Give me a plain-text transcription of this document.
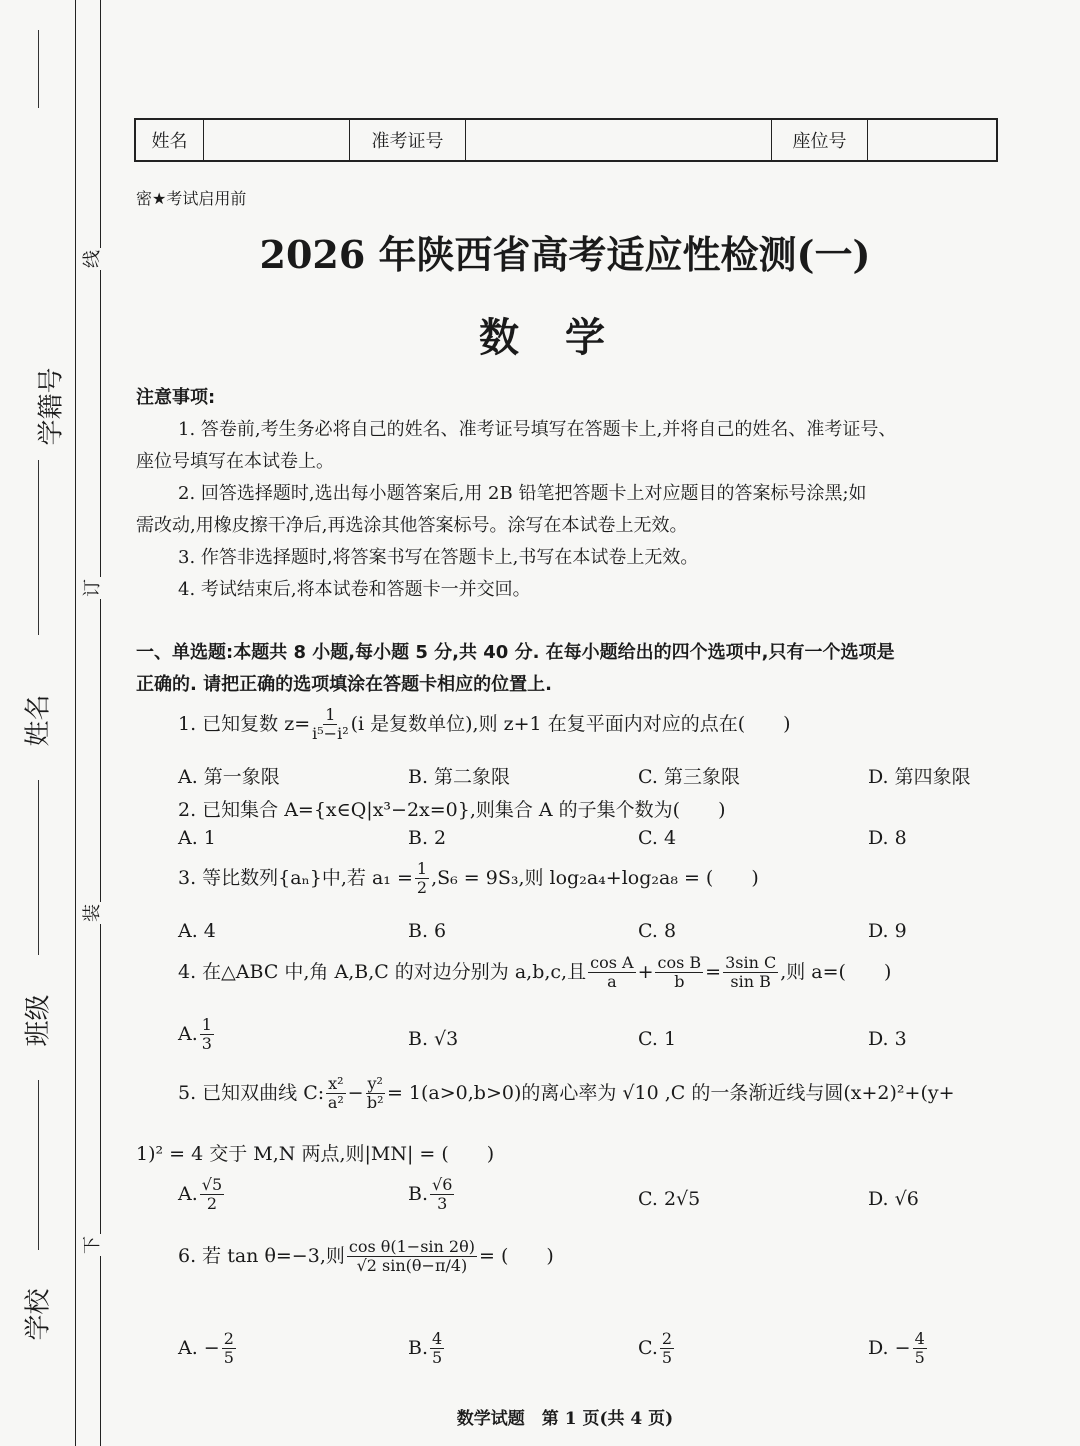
线
订
装
下
学籍号
姓名
班级
学校
姓名	准考证号	座位号
密★考试启用前
2026 年陕西省高考适应性检测(一)
数学
注意事项:
1. 答卷前,考生务必将自己的姓名、准考证号填写在答题卡上,并将自己的姓名、准考证号、
座位号填写在本试卷上。
2. 回答选择题时,选出每小题答案后,用 2B 铅笔把答题卡上对应题目的答案标号涂黑;如
需改动,用橡皮擦干净后,再选涂其他答案标号。涂写在本试卷上无效。
3. 作答非选择题时,将答案书写在答题卡上,书写在本试卷上无效。
4. 考试结束后,将本试卷和答题卡一并交回。
一、单选题:本题共 8 小题,每小题 5 分,共 40 分. 在每小题给出的四个选项中,只有一个选项是
正确的. 请把正确的选项填涂在答题卡相应的位置上.
1. 已知复数 $z= \frac{1}{\text{i⁵−i²}} (i$ 是复数单位),则 z+1 在复平面内对应的点在(　　)
A. 第一象限	B. 第二象限	C. 第三象限	D. 第四象限
2. 已知集合 A={x∈Q|x³−2x=0},则集合 A 的子集个数为(　　)
A. 1	B. 2	C. 4	D. 8
3. 等比数列{aₙ}中,若 $a_1 = \frac{1}{2} ,S_6 = 9S_3$,则 log₂a₄+log₂a₈ = (　　)
A. 4	B. 6	C. 8	D. 9
4. 在△ABC 中,角 A,B,C 的对边分别为 a,b,c,且 $\frac{\text{cos A}}{a} + \frac{\text{cos B}}{b} = \frac{\text{3sin C}}{\text{sin B}}$ ,则 a=(　　)
A. $\frac{1}{3}$	B. √3	C. 1	D. 3
5. 已知双曲线 C: $\frac{\text{x²}}{\text{a²}} - \frac{\text{y²}}{\text{b²}} = 1(a>0,b>0)$的离心率为 √10 ,C 的一条渐近线与圆(x+2)²+(y+
1)² = 4 交于 M,N 两点,则|MN| = (　　)
A. $\frac{√5}{2}$	B. $\frac{√6}{3}$	C. 2√5	D. √6
6. 若 tan θ=−3,则 $\frac{\text{cos θ(1−sin 2θ)}}{√2 \sin(\theta-\pi/4)}$ = (　　)
A. − $\frac{2}{5}$	B. $\frac{4}{5}$	C. $\frac{2}{5}$	D. − $\frac{4}{5}$
数学试题　第 1 页(共 4 页)
